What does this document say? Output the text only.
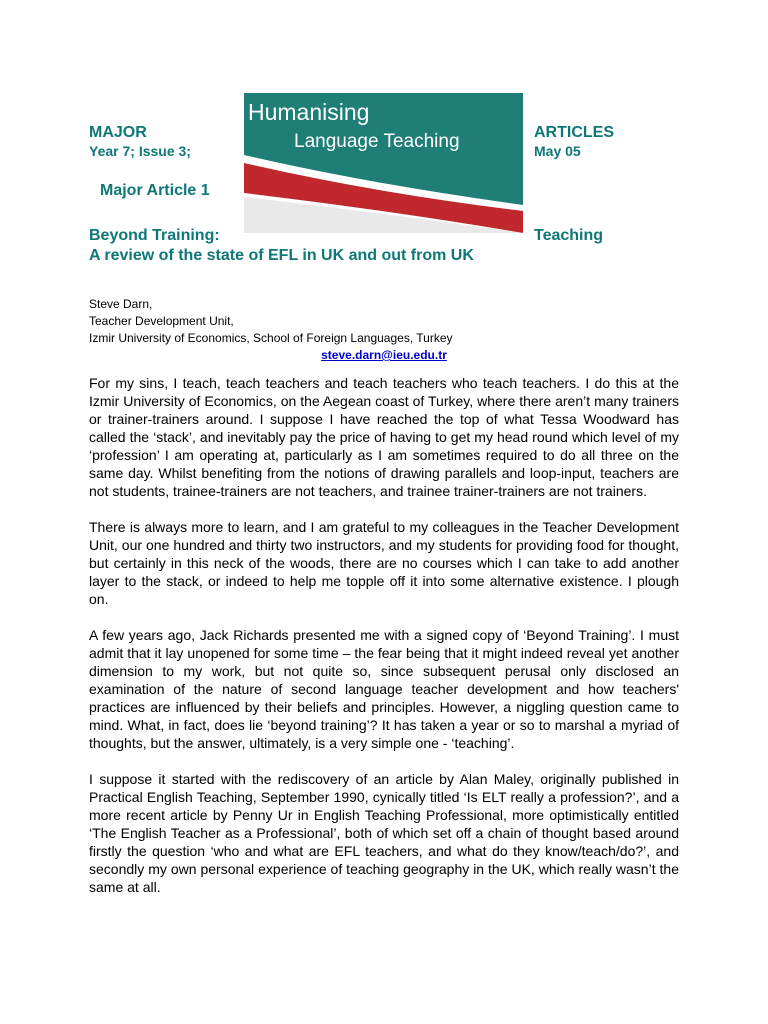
MAJOR
Year 7; Issue 3;
Humanising
Language Teaching	ARTICLES
May 05
Major Article 1
Beyond Training:
A review of the state of EFL in UK and out from UK
Teaching
Steve Darn,
Teacher Development Unit,
Izmir University of Economics, School of Foreign Languages, Turkey
steve.darn@ieu.edu.tr

For my sins, I teach, teach teachers and teach teachers who teach teachers. I do this at the Izmir University of Economics, on the Aegean coast of Turkey, where there aren’t many trainers or trainer-trainers around. I suppose I have reached the top of what Tessa Woodward has called the ‘stack’, and inevitably pay the price of having to get my head round which level of my ‘profession’ I am operating at, particularly as I am sometimes required to do all three on the same day. Whilst benefiting from the notions of drawing parallels and loop-input, teachers are not students, trainee-trainers are not teachers, and trainee trainer-trainers are not trainers.

There is always more to learn, and I am grateful to my colleagues in the Teacher Development Unit, our one hundred and thirty two instructors, and my students for providing food for thought, but certainly in this neck of the woods, there are no courses which I can take to add another layer to the stack, or indeed to help me topple off it into some alternative existence. I plough on.

A few years ago, Jack Richards presented me with a signed copy of ‘Beyond Training’. I must admit that it lay unopened for some time – the fear being that it might indeed reveal yet another dimension to my work, but not quite so, since subsequent perusal only disclosed an examination of the nature of second language teacher development and how teachers' practices are influenced by their beliefs and principles. However, a niggling question came to mind. What, in fact, does lie ‘beyond training’? It has taken a year or so to marshal a myriad of thoughts, but the answer, ultimately, is a very simple one - ‘teaching’.

I suppose it started with the rediscovery of an article by Alan Maley, originally published in Practical English Teaching, September 1990, cynically titled ‘Is ELT really a profession?’, and a more recent article by Penny Ur in English Teaching Professional, more optimistically entitled ‘The English Teacher as a Professional’, both of which set off a chain of thought based around firstly the question ‘who and what are EFL teachers, and what do they know/teach/do?’, and secondly my own personal experience of teaching geography in the UK, which really wasn’t the same at all.
